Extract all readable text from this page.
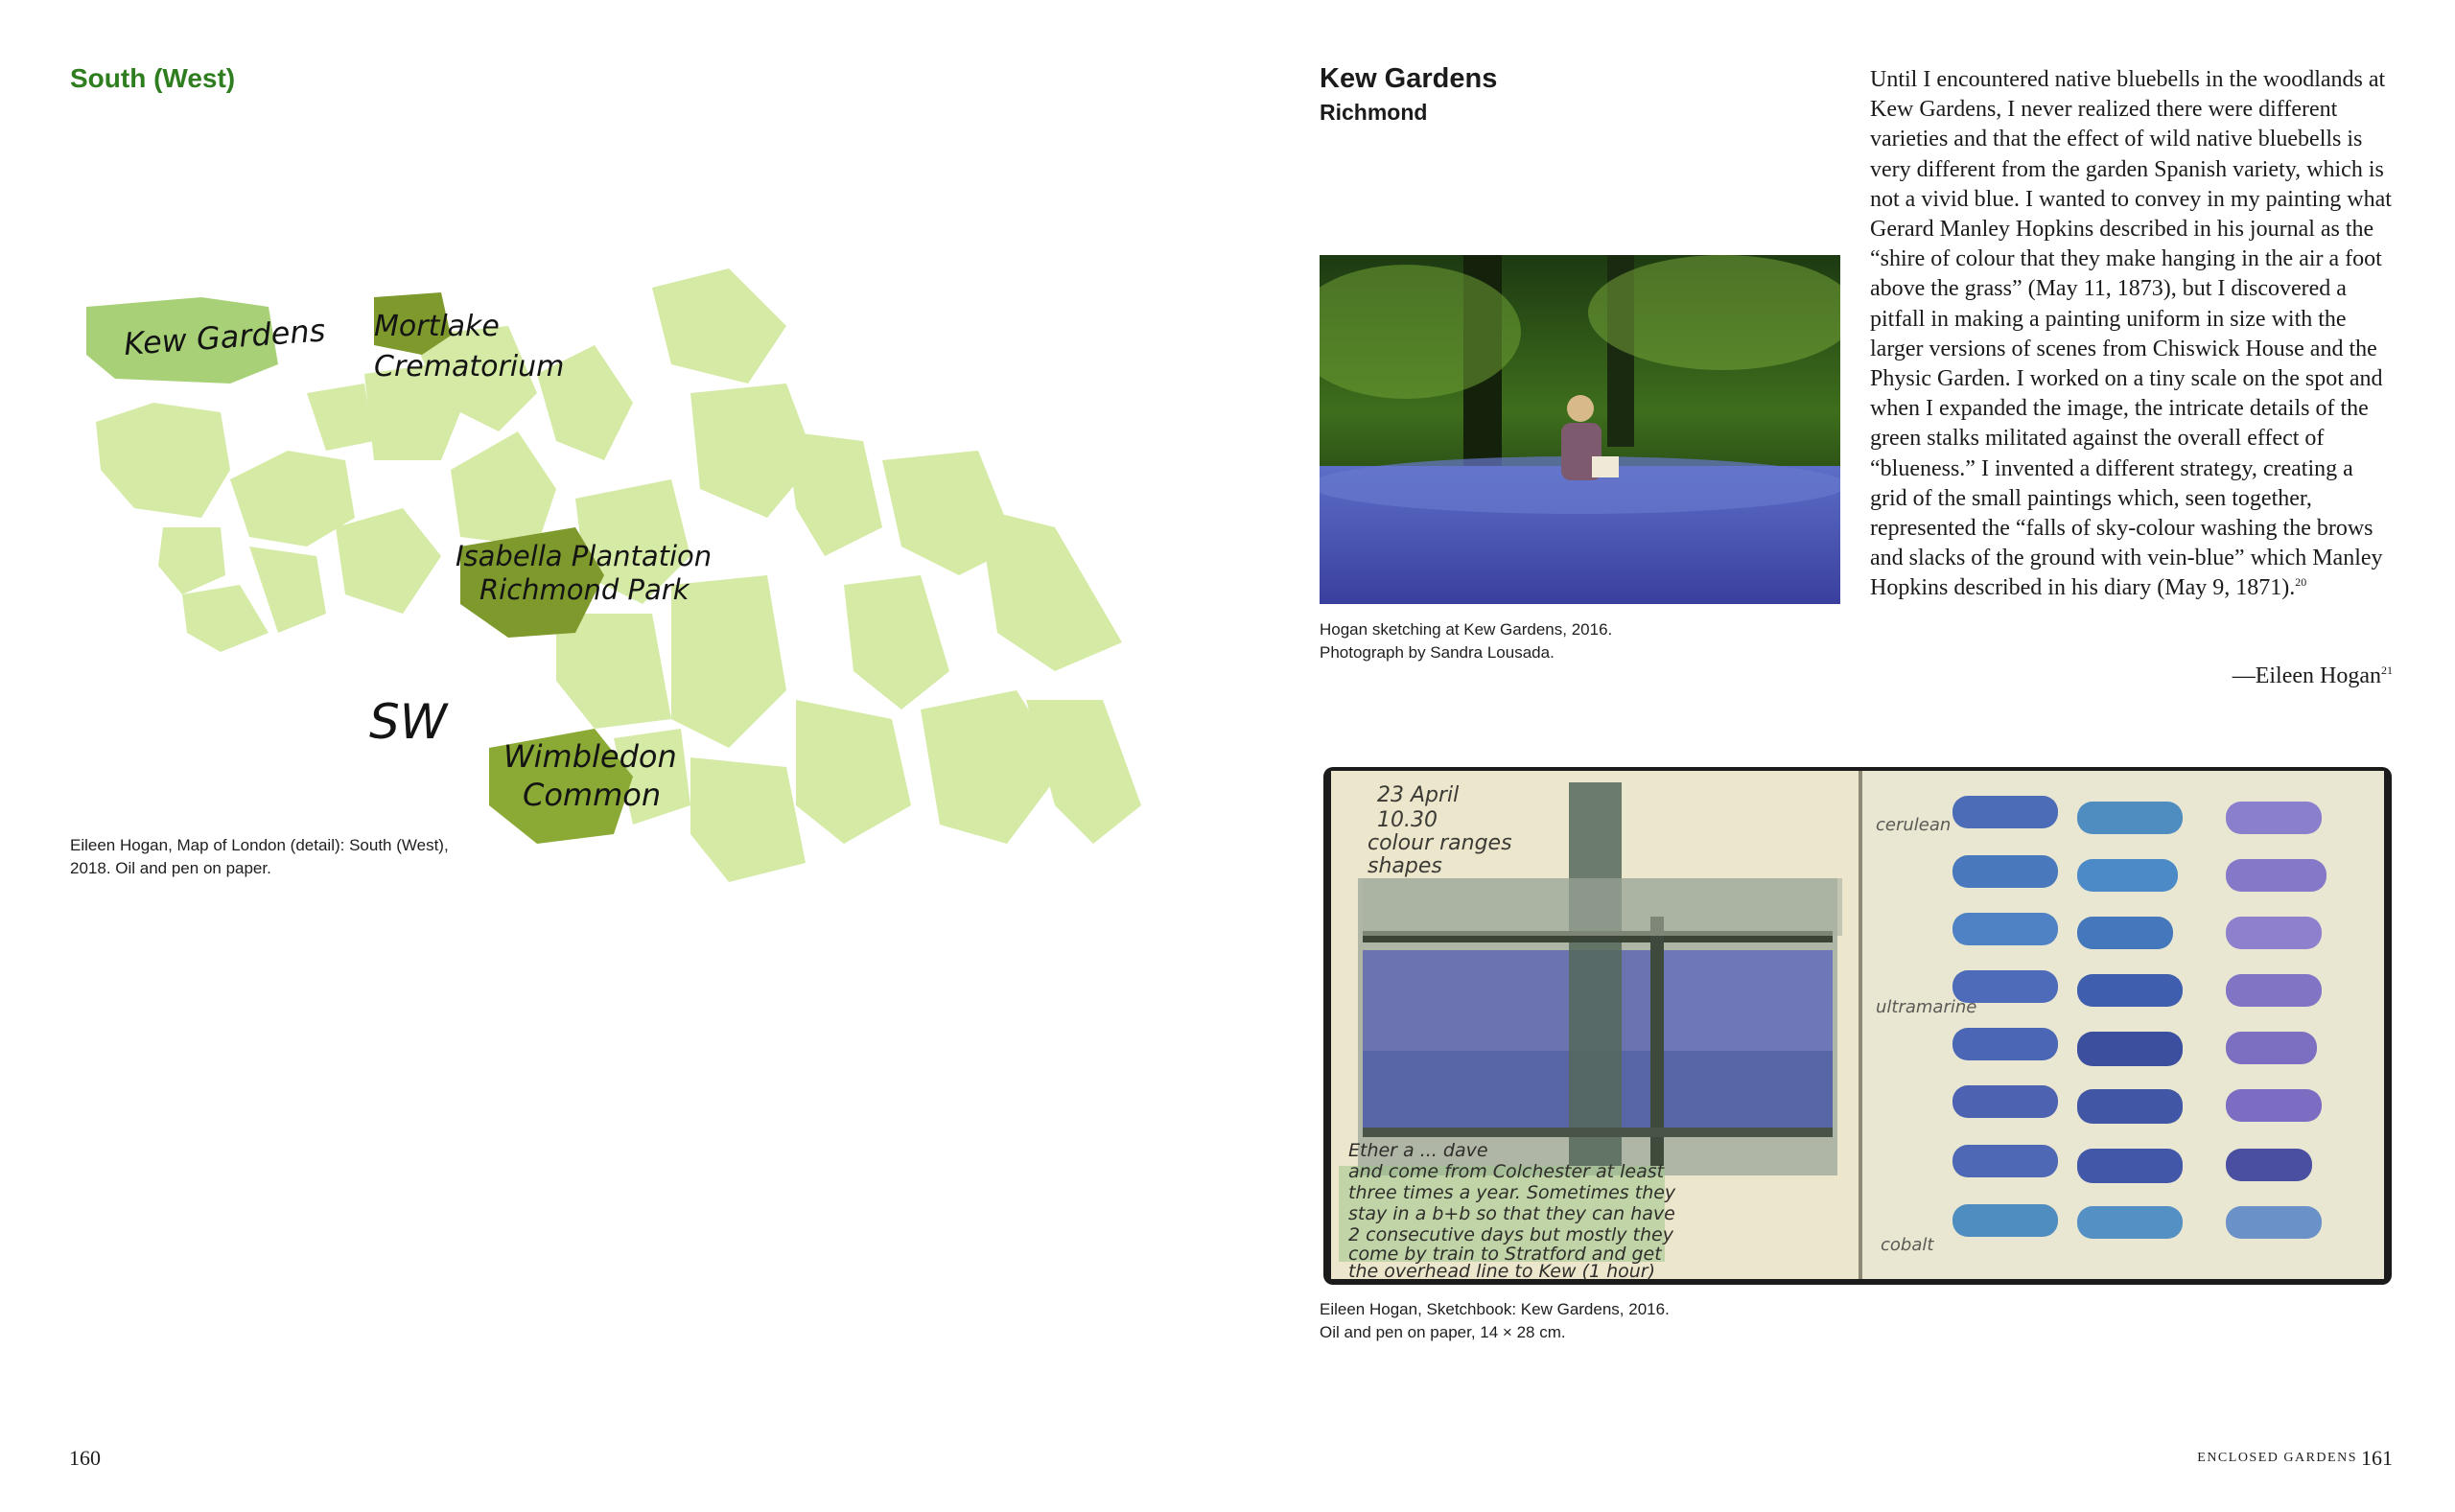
South (West)
Kew Gardens Mortlake
Crematorium
Isabella Plantation
Richmond Park
SW
Wimbledon
Common
Eileen Hogan, Map of London (detail): South (West),
2018. Oil and pen on paper.
160
Kew Gardens
Richmond
Hogan sketching at Kew Gardens, 2016.
Photograph by Sandra Lousada.
Until I encountered native bluebells in the woodlands at Kew Gardens, I never realized there were different varieties and that the effect of wild native bluebells is very different from the garden Spanish variety, which is not a vivid blue. I wanted to convey in my painting what Gerard Manley Hopkins described in his journal as the “shire of colour that they make hanging in the air a foot above the grass” (May 11, 1873), but I discovered a pitfall in making a painting uniform in size with the larger versions of scenes from Chiswick House and the Physic Garden. I worked on a tiny scale on the spot and when I expanded the image, the intricate details of the green stalks militated against the overall effect of “blueness.” I invented a different strategy, creating a grid of the small paintings which, seen together, represented the “falls of sky-colour washing the brows and slacks of the ground with vein-blue” which Manley Hopkins described in his diary (May 9, 1871).$^{20}$
—Eileen Hogan$^{21}$
23 April
10.30
colour ranges
shapes
Ether a ... dave
and come from Colchester at least
three times a year. Sometimes they
stay in a b+b so that they can have
2 consecutive days but mostly they
come by train to Stratford and get
the overhead line to Kew (1 hour)
cerulean
ultramarine
cobalt
Eileen Hogan, Sketchbook: Kew Gardens, 2016.
Oil and pen on paper, 14 × 28 cm.
ENCLOSED GARDENS 161
